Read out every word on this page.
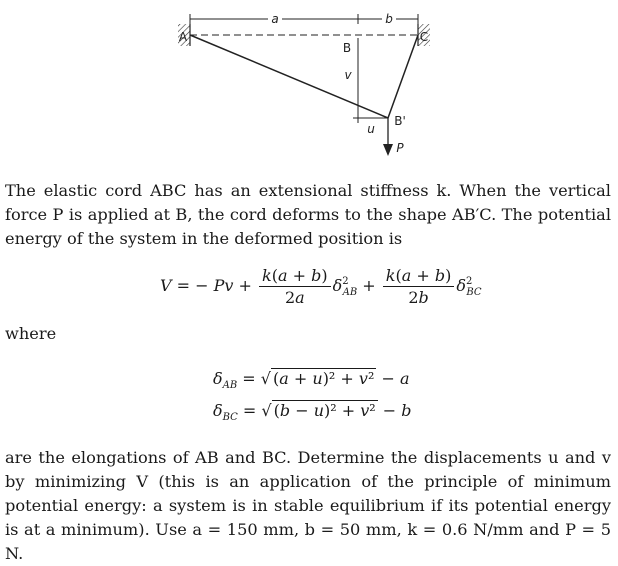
a	b
v
u
A	C
B
B'
P

The elastic cord ABC has an extensional stiffness k. When the vertical force P is applied at B, the cord deforms to the shape AB′C. The potential energy of the system in the deformed position is

V = − $Pv + \frac{k(a + b)}{2a} \delta^2_{AB} + \frac{k(a + b)}{2b} \delta^2_{BC}$

where

$\delta_{AB}$ = √ (a + u)² + v² − a
$\delta_{BC}$ = √ (b − u)² + v² − b

are the elongations of AB and BC. Determine the displacements u and v by minimizing V (this is an application of the principle of minimum potential energy: a system is in stable equilibrium if its potential energy is at a minimum). Use a = 150 mm, b = 50 mm, k = 0.6 N/mm and P = 5 N.
